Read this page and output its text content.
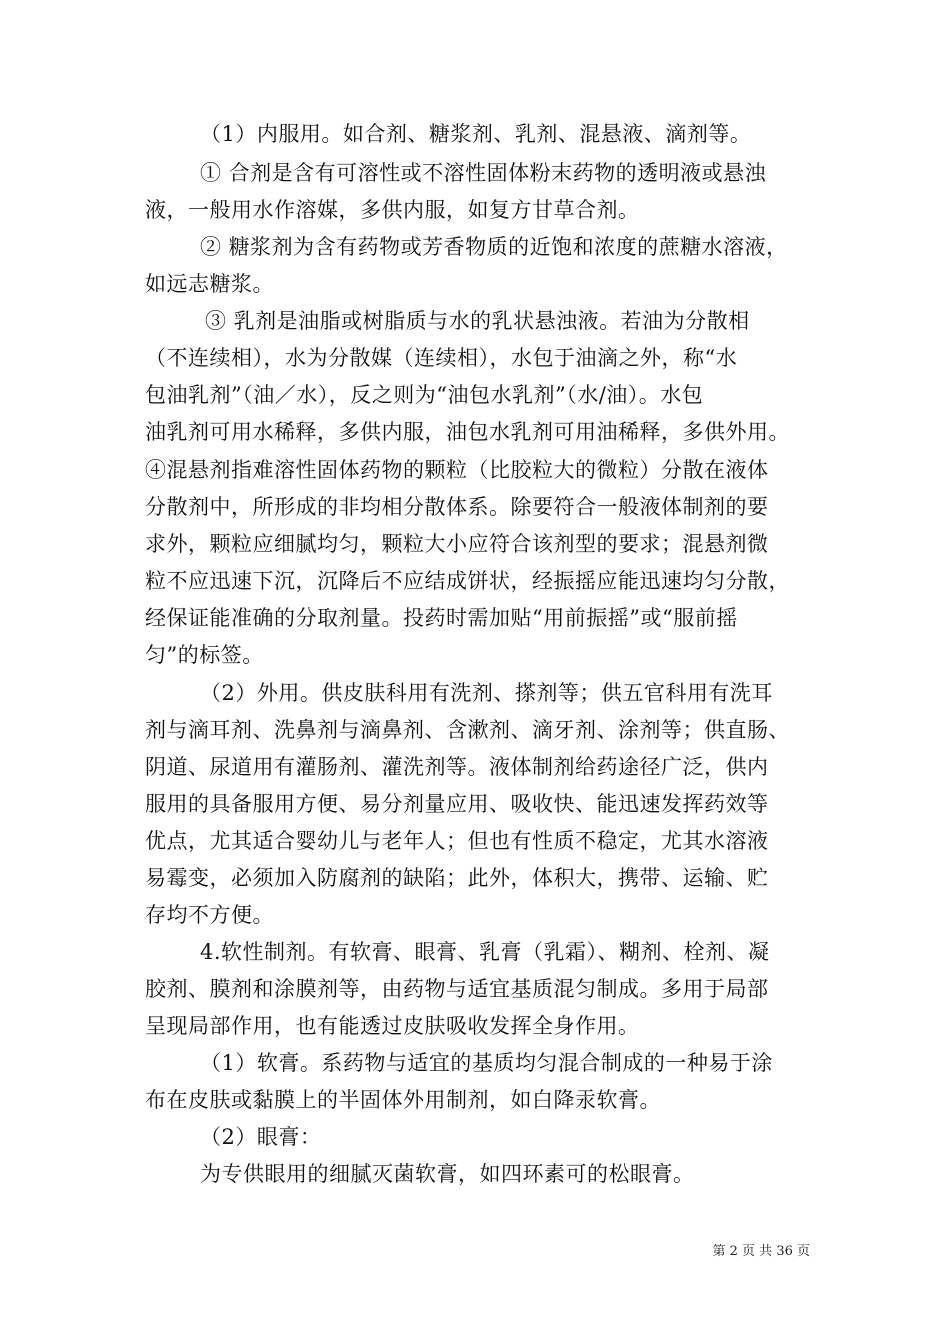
（1）内服用。如合剂、糖浆剂、乳剂、混悬液、滴剂等。
① 合剂是含有可溶性或不溶性固体粉末药物的透明液或悬浊
液，一般用水作溶媒，多供内服，如复方甘草合剂。
② 糖浆剂为含有药物或芳香物质的近饱和浓度的蔗糖水溶液，
如远志糖浆。
③ 乳剂是油脂或树脂质与水的乳状悬浊液。若油为分散相
（不连续相），水为分散媒（连续相），水包于油滴之外，称“水
包油乳剂”（油／水），反之则为“油包水乳剂”（水/油）。水包
油乳剂可用水稀释，多供内服，油包水乳剂可用油稀释，多供外用。
④混悬剂指难溶性固体药物的颗粒（比胶粒大的微粒）分散在液体
分散剂中，所形成的非均相分散体系。除要符合一般液体制剂的要
求外，颗粒应细腻均匀，颗粒大小应符合该剂型的要求；混悬剂微
粒不应迅速下沉，沉降后不应结成饼状，经振摇应能迅速均匀分散，
经保证能准确的分取剂量。投药时需加贴“用前振摇”或“服前摇
匀”的标签。
（2）外用。供皮肤科用有洗剂、搽剂等；供五官科用有洗耳
剂与滴耳剂、洗鼻剂与滴鼻剂、含漱剂、滴牙剂、涂剂等；供直肠、
阴道、尿道用有灌肠剂、灌洗剂等。液体制剂给药途径广泛，供内
服用的具备服用方便、易分剂量应用、吸收快、能迅速发挥药效等
优点，尤其适合婴幼儿与老年人；但也有性质不稳定，尤其水溶液
易霉变，必须加入防腐剂的缺陷；此外，体积大，携带、运输、贮
存均不方便。
4.软性制剂。有软膏、眼膏、乳膏（乳霜）、糊剂、栓剂、凝
胶剂、膜剂和涂膜剂等，由药物与适宜基质混匀制成。多用于局部
呈现局部作用，也有能透过皮肤吸收发挥全身作用。
（1）软膏。系药物与适宜的基质均匀混合制成的一种易于涂
布在皮肤或黏膜上的半固体外用制剂，如白降汞软膏。
（2）眼膏：
为专供眼用的细腻灭菌软膏，如四环素可的松眼膏。
第 2 页 共 36 页
